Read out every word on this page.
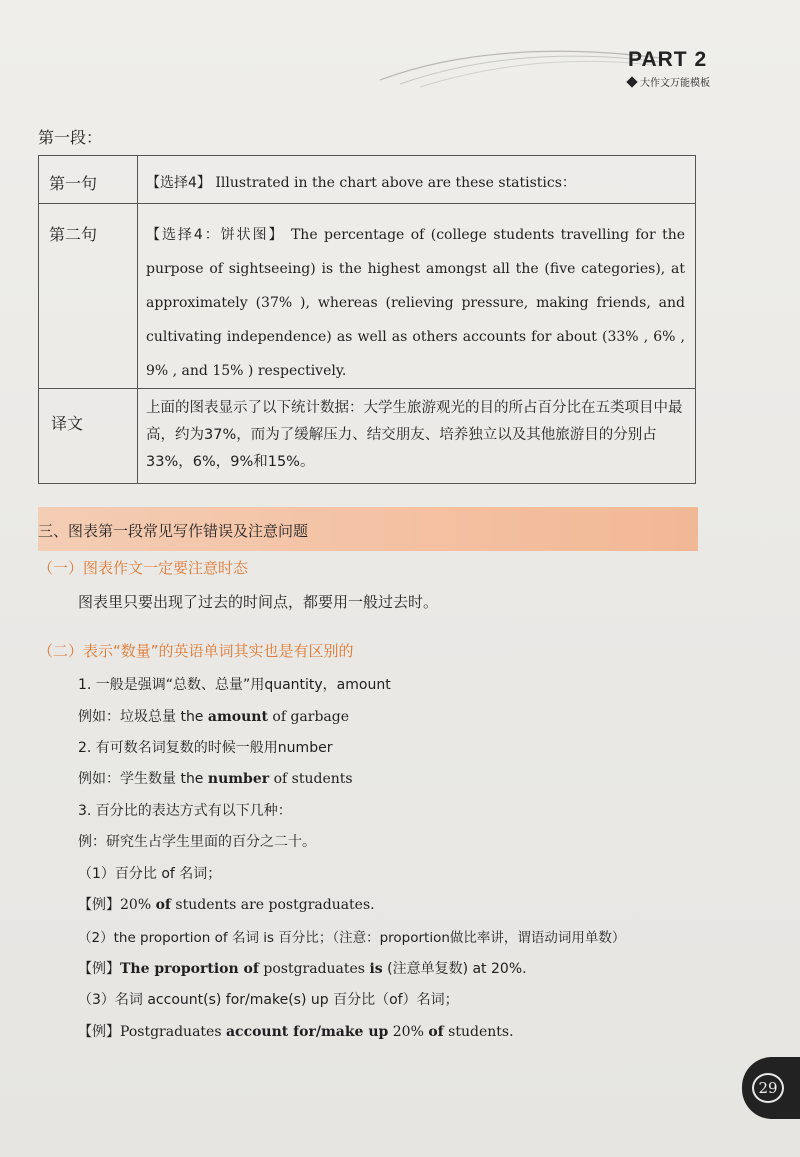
PART 2
大作文万能模板
第一段：
第一句	【选择4】 Illustrated in the chart above are these statistics：
第二句	【选择4：饼状图】 The percentage of (college students travelling for the purpose of sightseeing) is the highest amongst all the (five categories), at approximately (37% ), whereas (relieving pressure, making friends, and cultivating independence) as well as others accounts for about (33% , 6% , 9% , and 15% ) respectively.
译文	上面的图表显示了以下统计数据：大学生旅游观光的目的所占百分比在五类项目中最高，约为37%，而为了缓解压力、结交朋友、培养独立以及其他旅游目的分别占33%，6%，9%和15%。
三、图表第一段常见写作错误及注意问题
（一）图表作文一定要注意时态
图表里只要出现了过去的时间点，都要用一般过去时。
（二）表示“数量”的英语单词其实也是有区别的
1. 一般是强调“总数、总量”用quantity，amount
例如：垃圾总量 the amount of garbage
2. 有可数名词复数的时候一般用number
例如：学生数量 the number of students
3. 百分比的表达方式有以下几种：
例：研究生占学生里面的百分之二十。
（1）百分比 of 名词；
【例】20% of students are postgraduates.
（2）the proportion of 名词 is 百分比；（注意：proportion做比率讲，谓语动词用单数）
【例】The proportion of postgraduates is (注意单复数) at 20%.
（3）名词 account(s) for/make(s) up 百分比（of）名词；
【例】Postgraduates account for/make up 20% of students.
29
